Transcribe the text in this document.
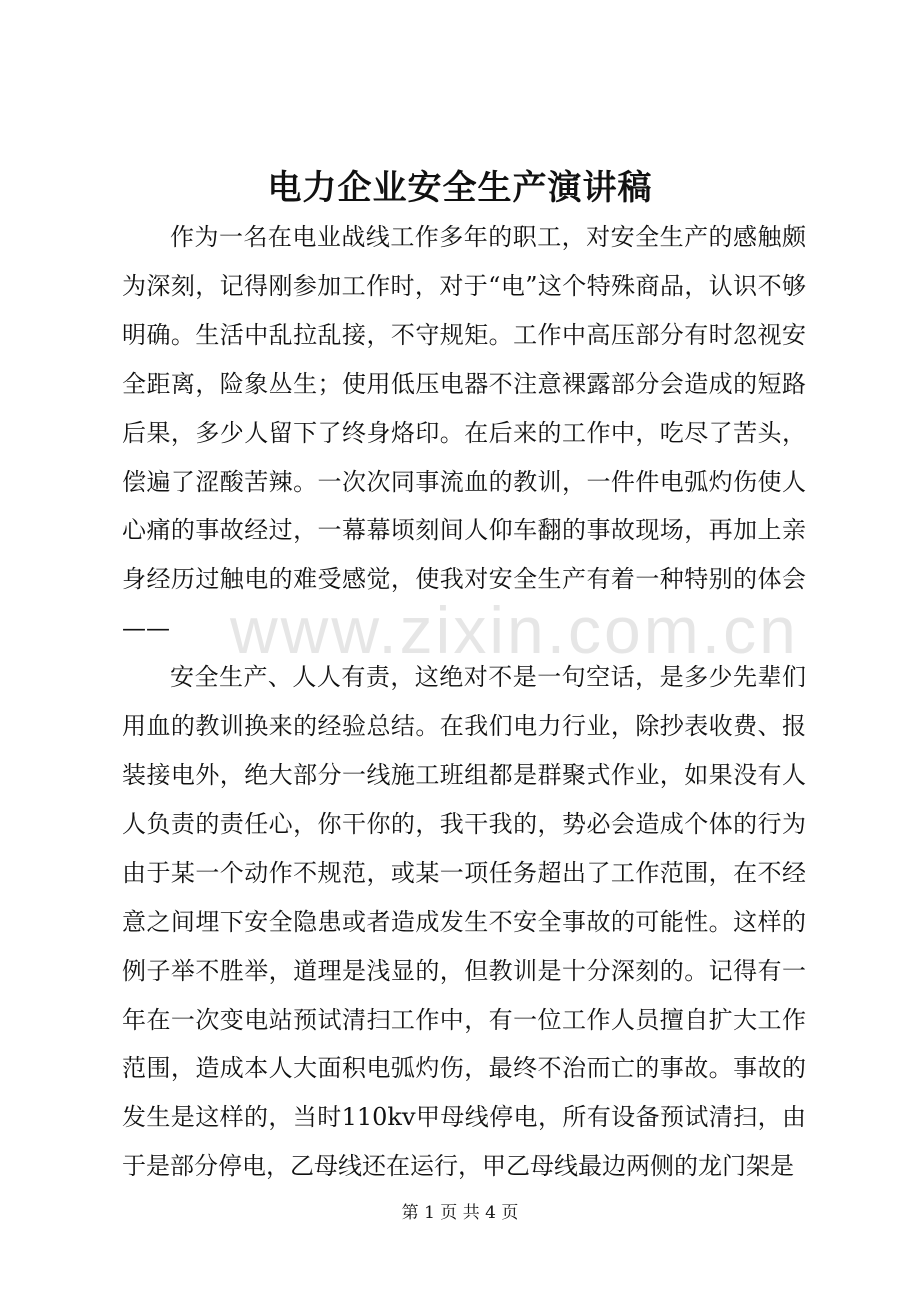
电力企业安全生产演讲稿

作为一名在电业战线工作多年的职工，对安全生产的感触颇为深刻，记得刚参加工作时，对于“电”这个特殊商品，认识不够明确。生活中乱拉乱接，不守规矩。工作中高压部分有时忽视安全距离，险象丛生；使用低压电器不注意裸露部分会造成的短路后果，多少人留下了终身烙印。在后来的工作中，吃尽了苦头，偿遍了涩酸苦辣。一次次同事流血的教训，一件件电弧灼伤使人心痛的事故经过，一幕幕顷刻间人仰车翻的事故现场，再加上亲身经历过触电的难受感觉，使我对安全生产有着一种特别的体会——

安全生产、人人有责，这绝对不是一句空话，是多少先辈们用血的教训换来的经验总结。在我们电力行业，除抄表收费、报装接电外，绝大部分一线施工班组都是群聚式作业，如果没有人人负责的责任心，你干你的，我干我的，势必会造成个体的行为由于某一个动作不规范，或某一项任务超出了工作范围，在不经意之间埋下安全隐患或者造成发生不安全事故的可能性。这样的例子举不胜举，道理是浅显的，但教训是十分深刻的。记得有一年在一次变电站预试清扫工作中，有一位工作人员擅自扩大工作范围，造成本人大面积电弧灼伤，最终不治而亡的事故。事故的发生是这样的，当时110kv甲母线停电，所有设备预试清扫，由于是部分停电，乙母线还在运行，甲乙母线最边两侧的龙门架是

www.zixin.com.cn
第 1 页 共 4 页
